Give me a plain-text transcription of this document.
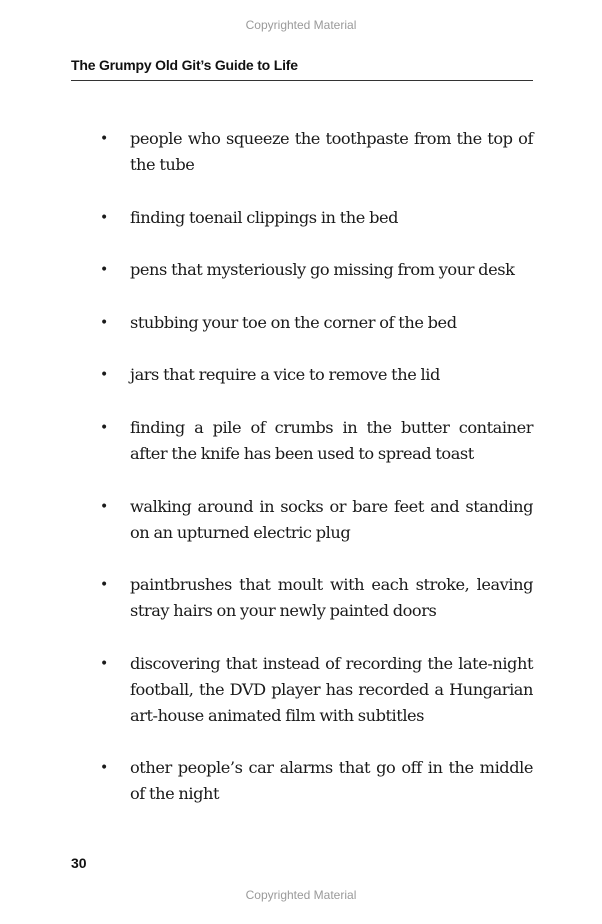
Copyrighted Material
The Grumpy Old Git’s Guide to Life
• people who squeeze the toothpaste from the top of the tube
• finding toenail clippings in the bed
• pens that mysteriously go missing from your desk
• stubbing your toe on the corner of the bed
• jars that require a vice to remove the lid
• finding a pile of crumbs in the butter container after the knife has been used to spread toast
• walking around in socks or bare feet and standing on an upturned electric plug
• paintbrushes that moult with each stroke, leaving stray hairs on your newly painted doors
• discovering that instead of recording the late-night football, the DVD player has recorded a Hungarian art-house animated film with subtitles
• other people’s car alarms that go off in the middle of the night
30
Copyrighted Material
